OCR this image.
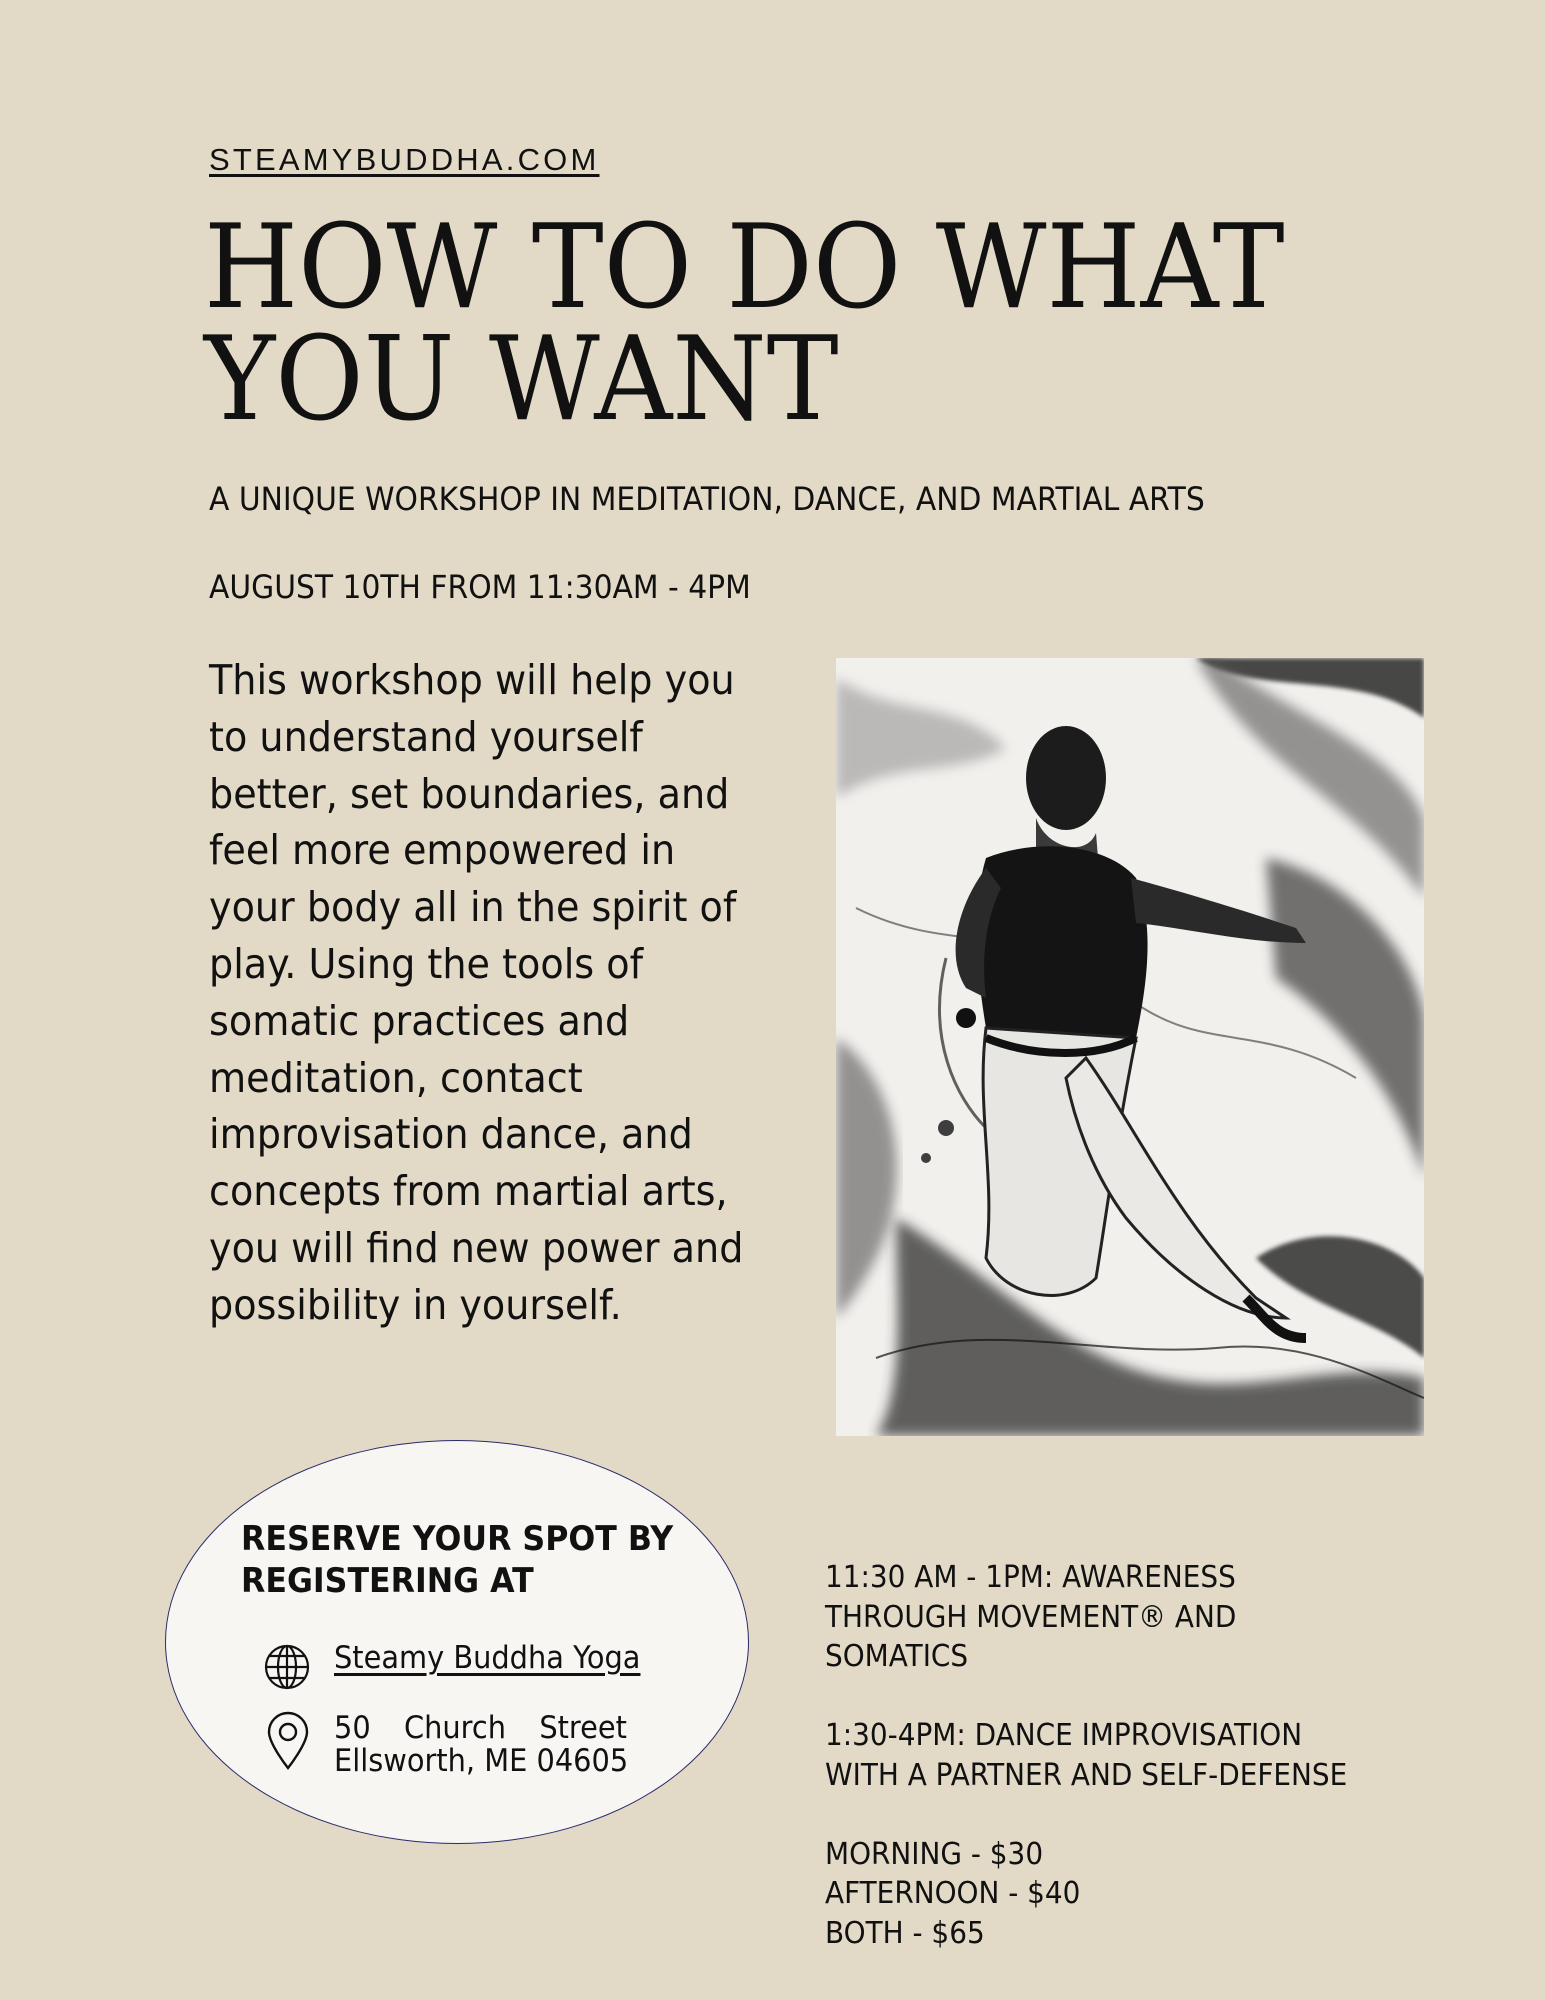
STEAMYBUDDHA.COM
HOW TO DO WHAT
YOU WANT
A UNIQUE WORKSHOP IN MEDITATION, DANCE, AND MARTIAL ARTS
AUGUST 10TH FROM 11:30AM - 4PM

This workshop will help you to understand yourself better, set boundaries, and feel more empowered in your body all in the spirit of play. Using the tools of somatic practices and meditation, contact improvisation dance, and concepts from martial arts, you will find new power and possibility in yourself.

RESERVE YOUR SPOT BY
REGISTERING AT
Steamy Buddha Yoga
50 Church Street
Ellsworth, ME 04605
11:30 AM - 1PM: AWARENESS
THROUGH MOVEMENT® AND
SOMATICS
1:30-4PM: DANCE IMPROVISATION
WITH A PARTNER AND SELF-DEFENSE
MORNING - $30
AFTERNOON - $40
BOTH - $65
